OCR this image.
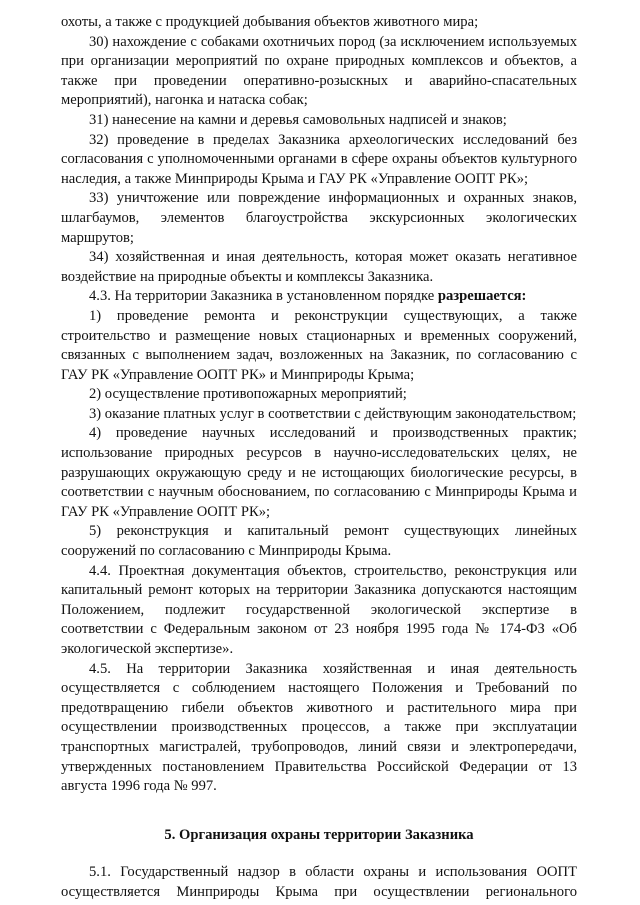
охоты, а также с продукцией добывания объектов животного мира;

30) нахождение с собаками охотничьих пород (за исключением используемых при организации мероприятий по охране природных комплексов и объектов, а также при проведении оперативно-розыскных и аварийно-спасательных мероприятий), нагонка и натаска собак;

31) нанесение на камни и деревья самовольных надписей и знаков;

32) проведение в пределах Заказника археологических исследований без согласования с уполномоченными органами в сфере охраны объектов культурного наследия, а также Минприроды Крыма и ГАУ РК «Управление ООПТ РК»;

33) уничтожение или повреждение информационных и охранных знаков, шлагбаумов, элементов благоустройства экскурсионных экологических маршрутов;

34) хозяйственная и иная деятельность, которая может оказать негативное воздействие на природные объекты и комплексы Заказника.

4.3. На территории Заказника в установленном порядке разрешается:

1) проведение ремонта и реконструкции существующих, а также строительство и размещение новых стационарных и временных сооружений, связанных с выполнением задач, возложенных на Заказник, по согласованию с ГАУ РК «Управление ООПТ РК» и Минприроды Крыма;

2) осуществление противопожарных мероприятий;

3) оказание платных услуг в соответствии с действующим законодательством;

4) проведение научных исследований и производственных практик; использование природных ресурсов в научно-исследовательских целях, не разрушающих окружающую среду и не истощающих биологические ресурсы, в соответствии с научным обоснованием, по согласованию с Минприроды Крыма и ГАУ РК «Управление ООПТ РК»;

5) реконструкция и капитальный ремонт существующих линейных сооружений по согласованию с Минприроды Крыма.

4.4. Проектная документация объектов, строительство, реконструкция или капитальный ремонт которых на территории Заказника допускаются настоящим Положением, подлежит государственной экологической экспертизе в соответствии с Федеральным законом от 23 ноября 1995 года № 174-ФЗ «Об экологической экспертизе».

4.5. На территории Заказника хозяйственная и иная деятельность осуществляется с соблюдением настоящего Положения и Требований по предотвращению гибели объектов животного и растительного мира при осуществлении производственных процессов, а также при эксплуатации транспортных магистралей, трубопроводов, линий связи и электропередачи, утвержденных постановлением Правительства Российской Федерации от 13 августа 1996 года № 997.

5. Организация охраны территории Заказника

5.1. Государственный надзор в области охраны и использования ООПТ осуществляется Минприроды Крыма при осуществлении регионального
